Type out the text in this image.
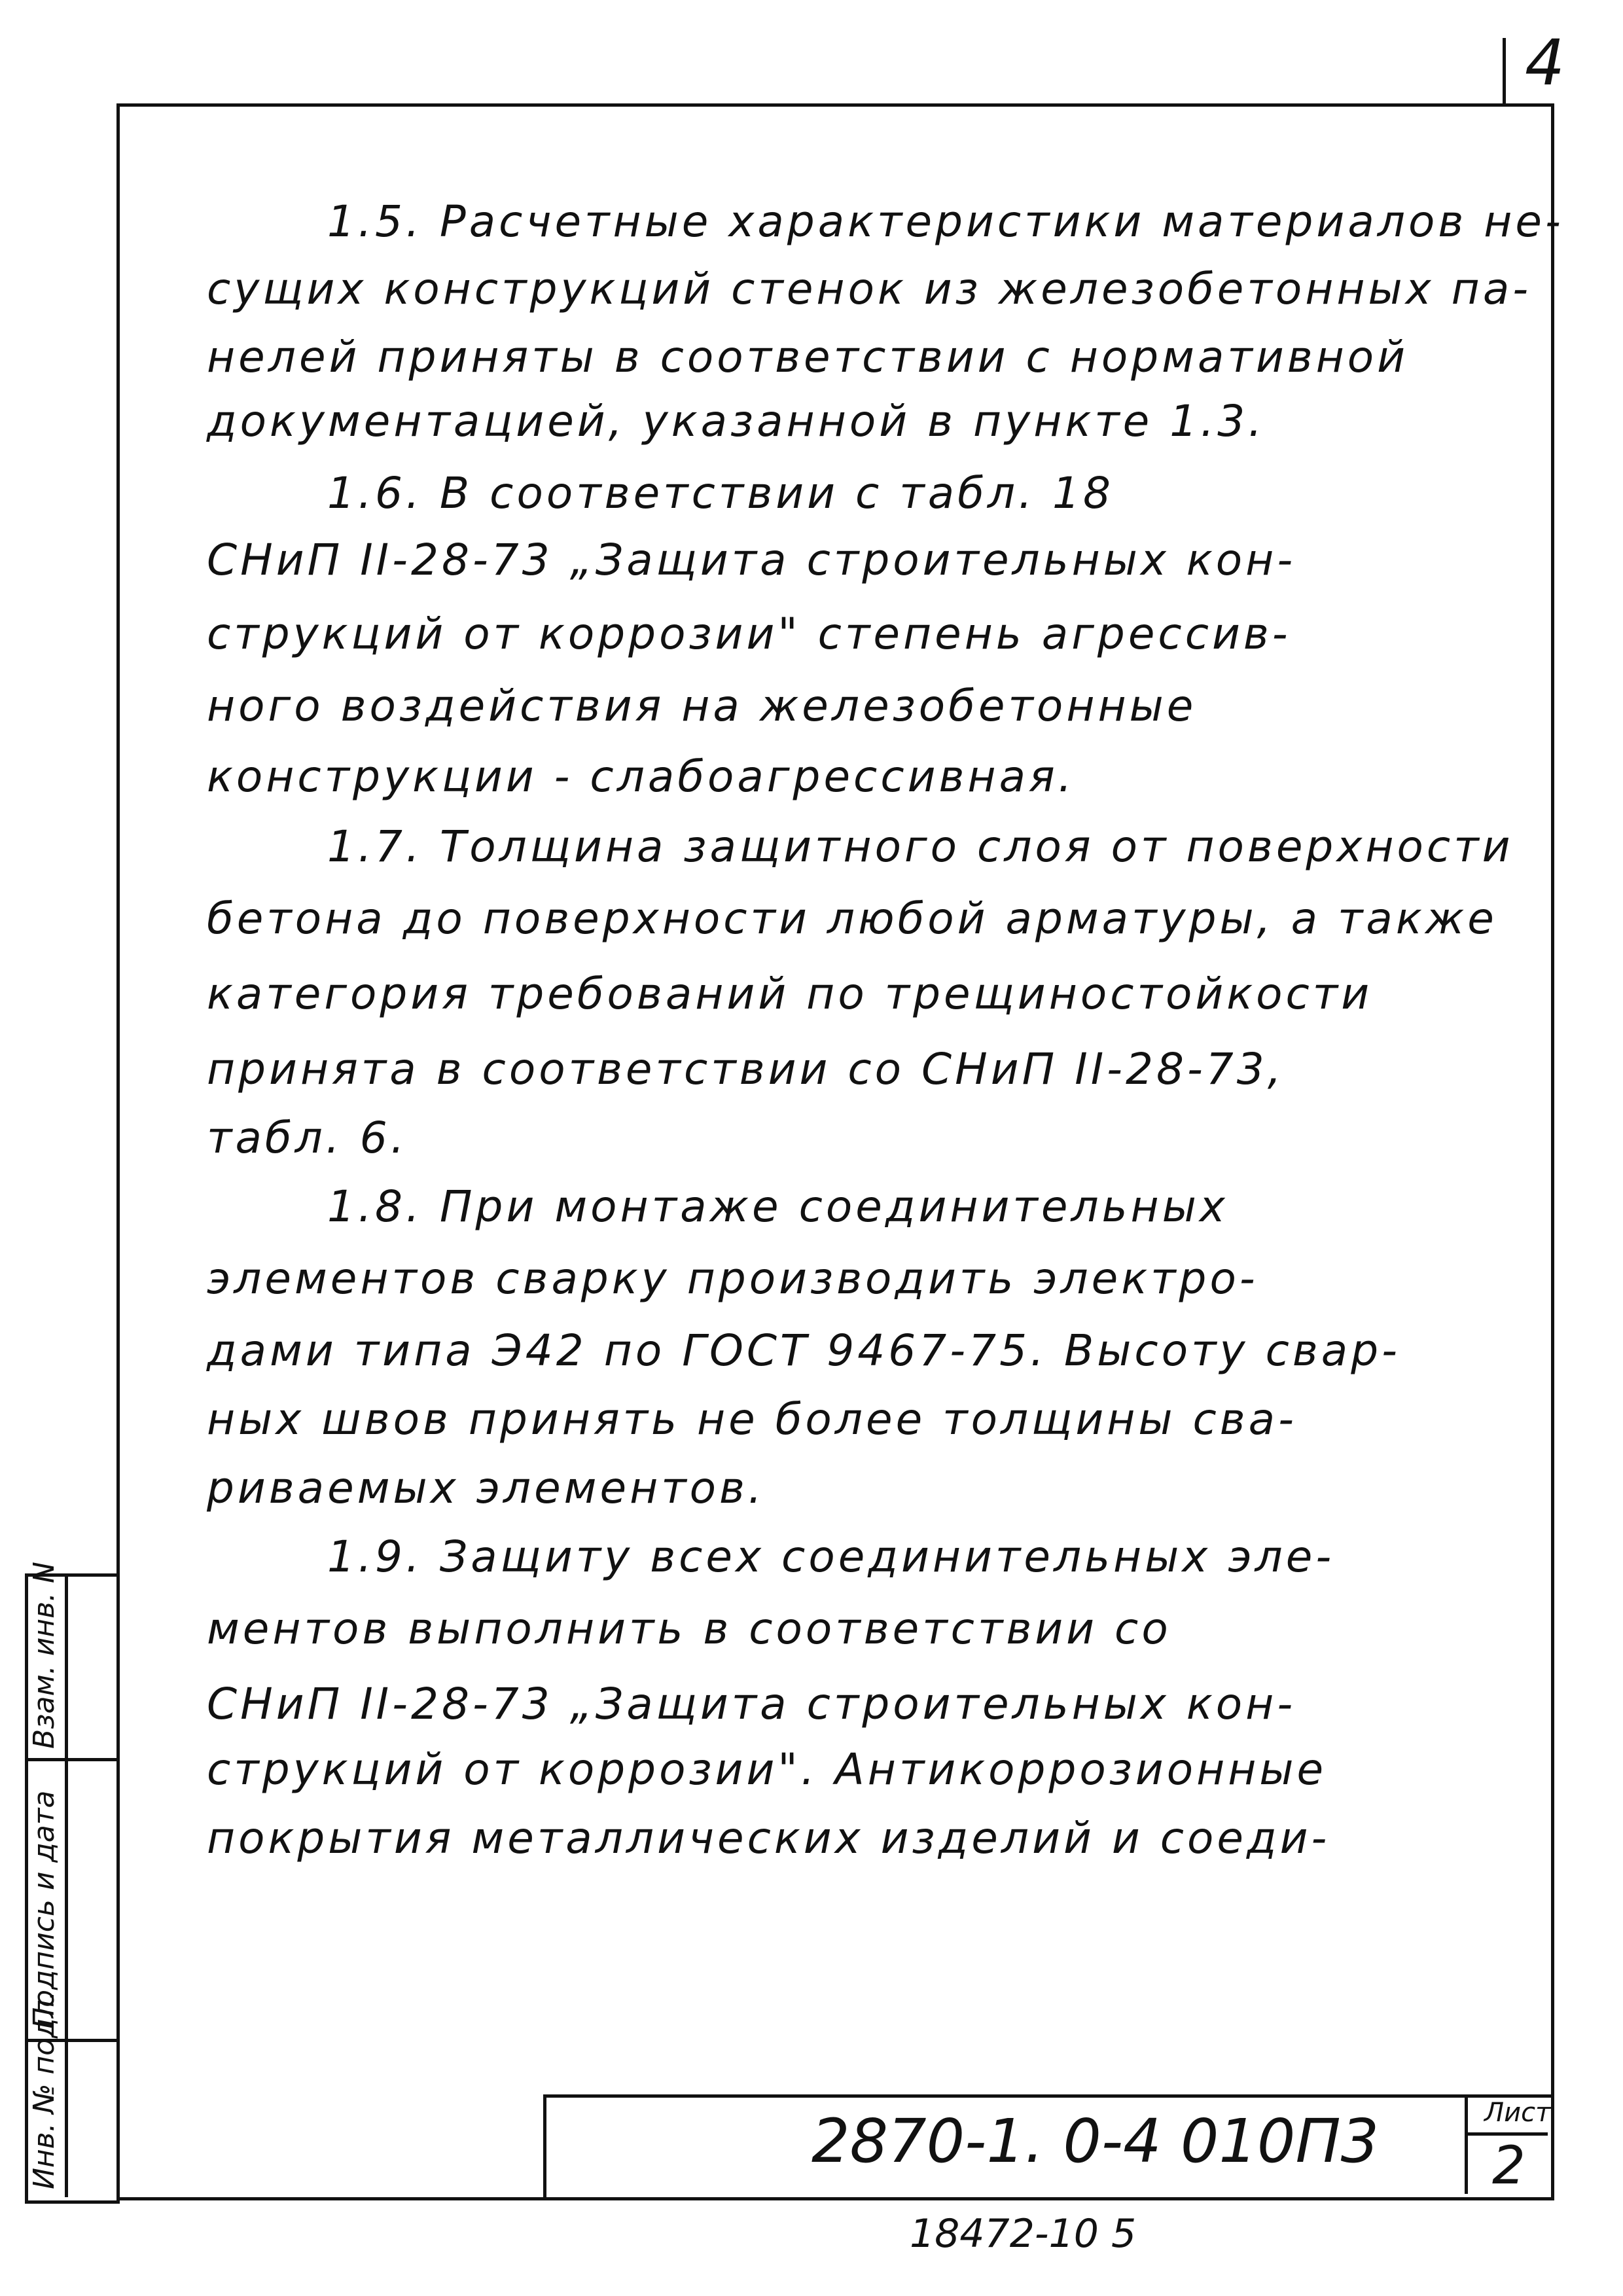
4
1.5. Расчетные характеристики материалов не-
сущих конструкций стенок из железобетонных па-
нелей приняты в соответствии с нормативной
документацией, указанной в пункте 1.3.
1.6. В соответствии с табл. 18
СНиП II-28-73 „Защита строительных кон-
струкций от коррозии" степень агрессив-
ного воздействия на железобетонные
конструкции - слабоагрессивная.
1.7. Толщина защитного слоя от поверхности
бетона до поверхности любой арматуры, а также
категория требований по трещиностойкости
принята в соответствии со СНиП II-28-73,
табл. 6.
1.8. При монтаже соединительных
элементов сварку производить электро-
дами типа Э42 по ГОСТ 9467-75. Высоту свар-
ных швов принять не более толщины сва-
риваемых элементов.
1.9. Защиту всех соединительных эле-
ментов выполнить в соответствии со
СНиП II-28-73 „Защита строительных кон-
струкций от коррозии". Антикоррозионные
покрытия металлических изделий и соеди-
Взам. инв. N
Подпись и дата
Инв. № подл.	2870-1. 0-4 010П3	Лист
2
18472-10 5
